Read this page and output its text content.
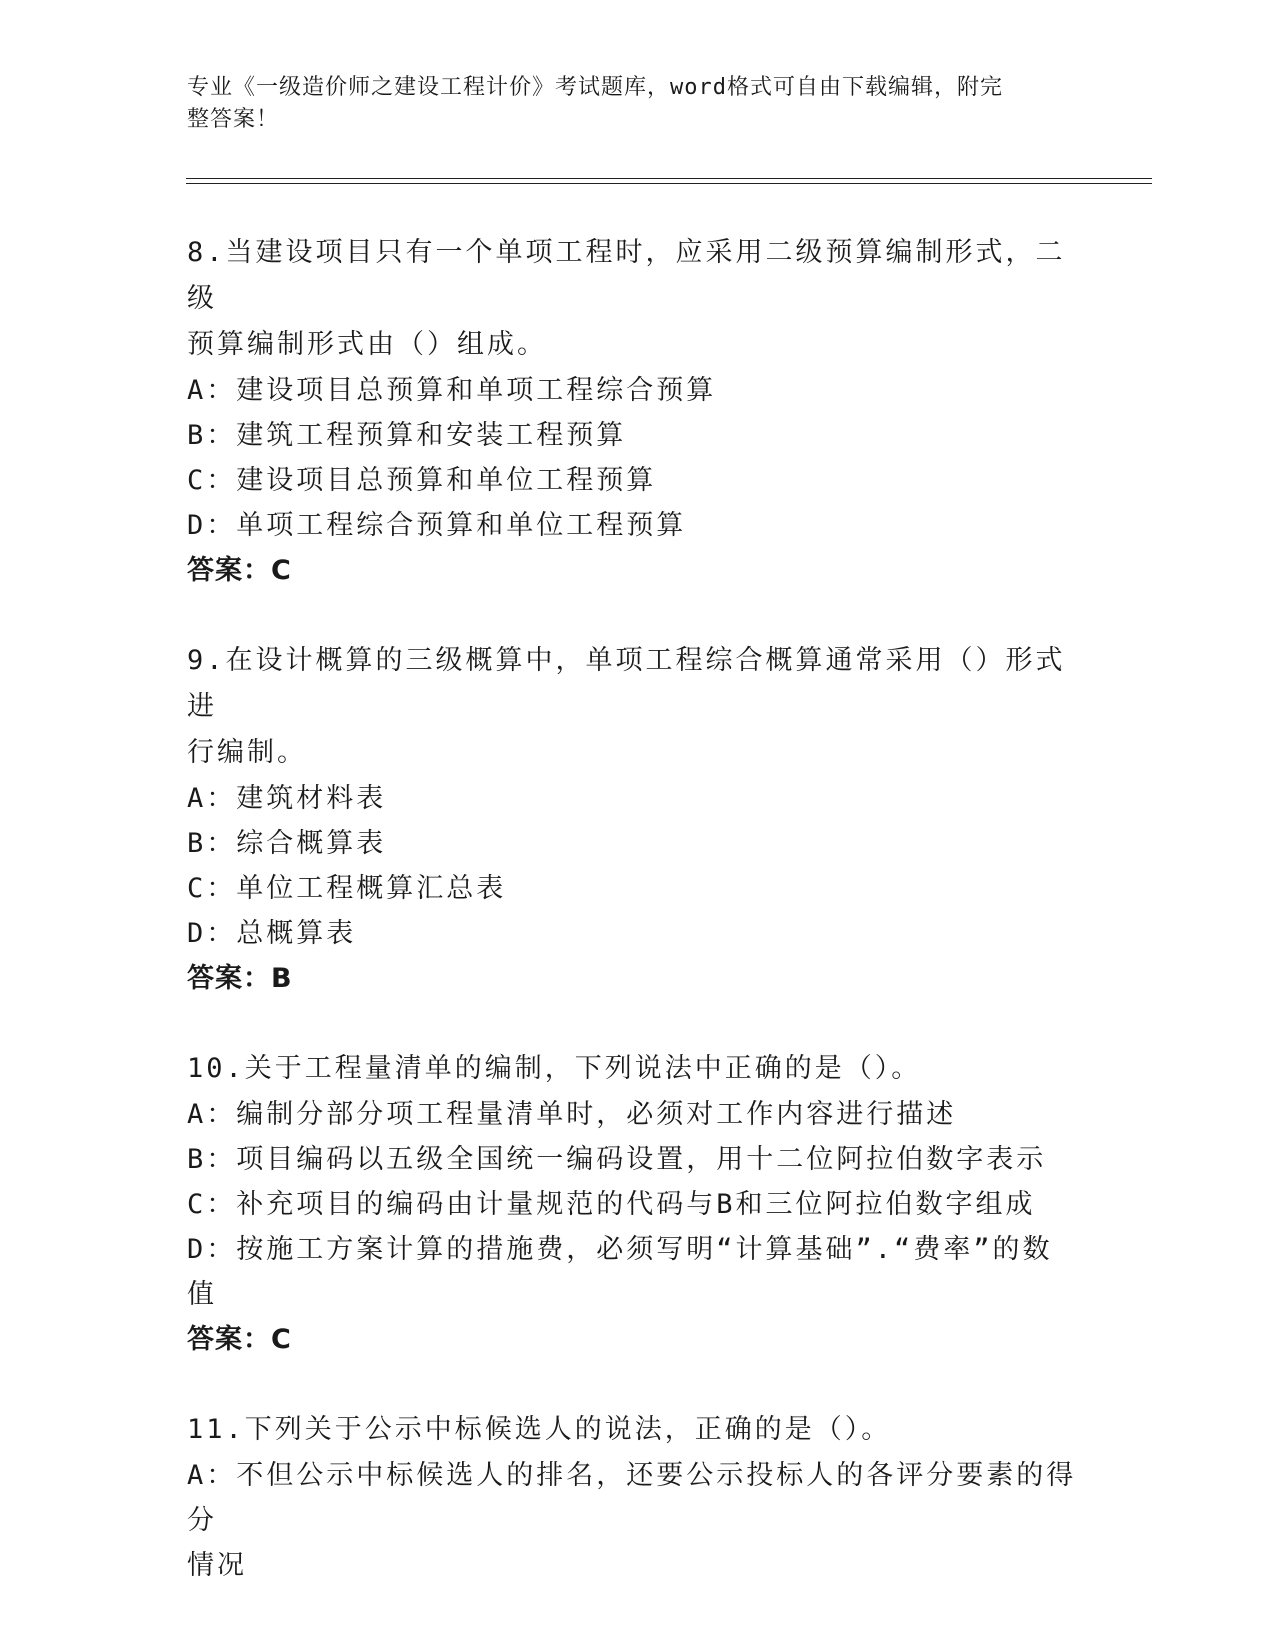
专业《一级造价师之建设工程计价》考试题库，word格式可自由下载编辑，附完
整答案！

8.当建设项目只有一个单项工程时，应采用二级预算编制形式，二级

预算编制形式由（）组成。

A：建设项目总预算和单项工程综合预算

B：建筑工程预算和安装工程预算

C：建设项目总预算和单位工程预算

D：单项工程综合预算和单位工程预算

答案：C

9.在设计概算的三级概算中，单项工程综合概算通常采用（）形式进

行编制。

A：建筑材料表

B：综合概算表

C：单位工程概算汇总表

D：总概算表

答案：B

10.关于工程量清单的编制，下列说法中正确的是（）。

A：编制分部分项工程量清单时，必须对工作内容进行描述

B：项目编码以五级全国统一编码设置，用十二位阿拉伯数字表示

C：补充项目的编码由计量规范的代码与B和三位阿拉伯数字组成

D：按施工方案计算的措施费，必须写明“计算基础”.“费率”的数

值

答案：C

11.下列关于公示中标候选人的说法，正确的是（）。

A：不但公示中标候选人的排名，还要公示投标人的各评分要素的得分

情况
